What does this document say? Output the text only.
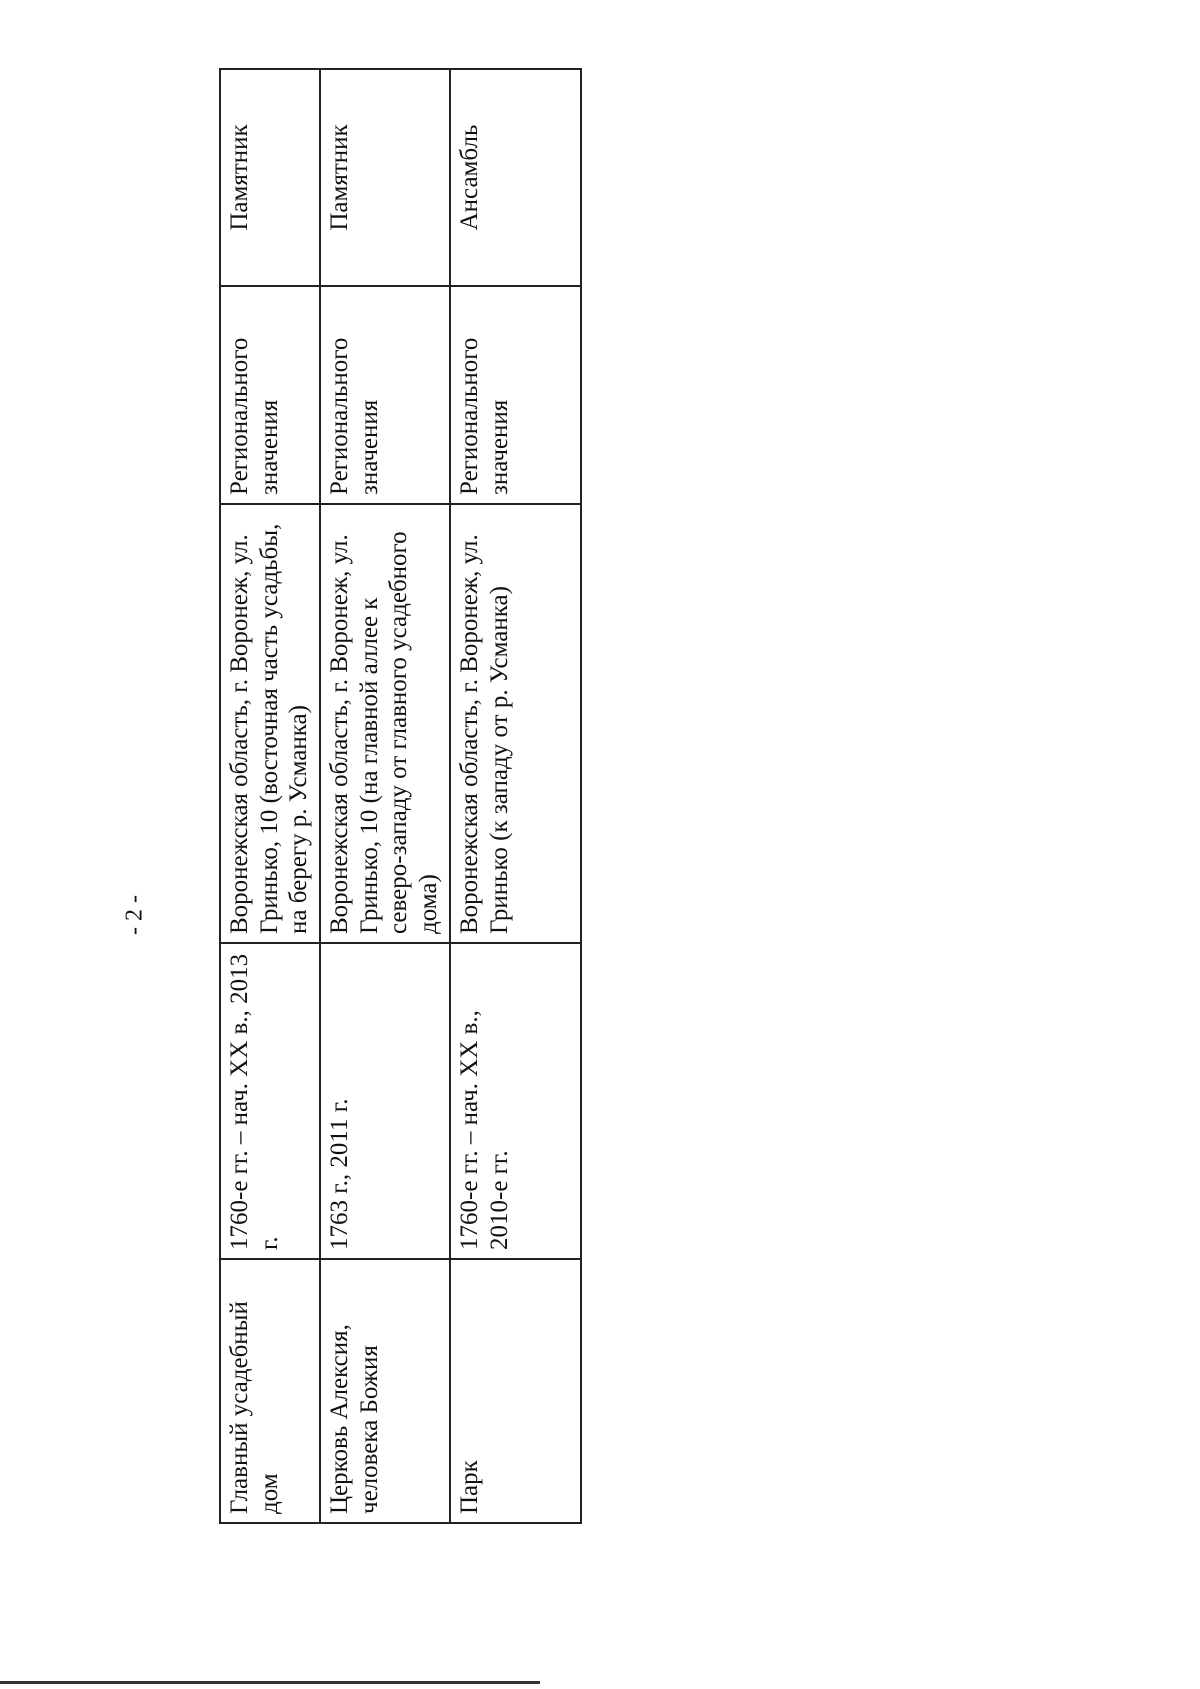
- 2 -
Главный усадебный дом	1760-е гг. – нач. XX в., 2013 г.	Воронежская область, г. Воронеж, ул. Гринько, 10 (восточная часть усадьбы, на берегу р. Усманка)	Регионального значения	Памятник
Церковь Алексия, человека Божия	1763 г., 2011 г.	Воронежская область, г. Воронеж, ул. Гринько, 10 (на главной аллее к северо-западу от главного усадебного дома)	Регионального значения	Памятник
Парк	1760-е гг. – нач. XX в., 2010-е гг.	Воронежская область, г. Воронеж, ул. Гринько (к западу от р. Усманка)	Регионального значения	Ансамбль
